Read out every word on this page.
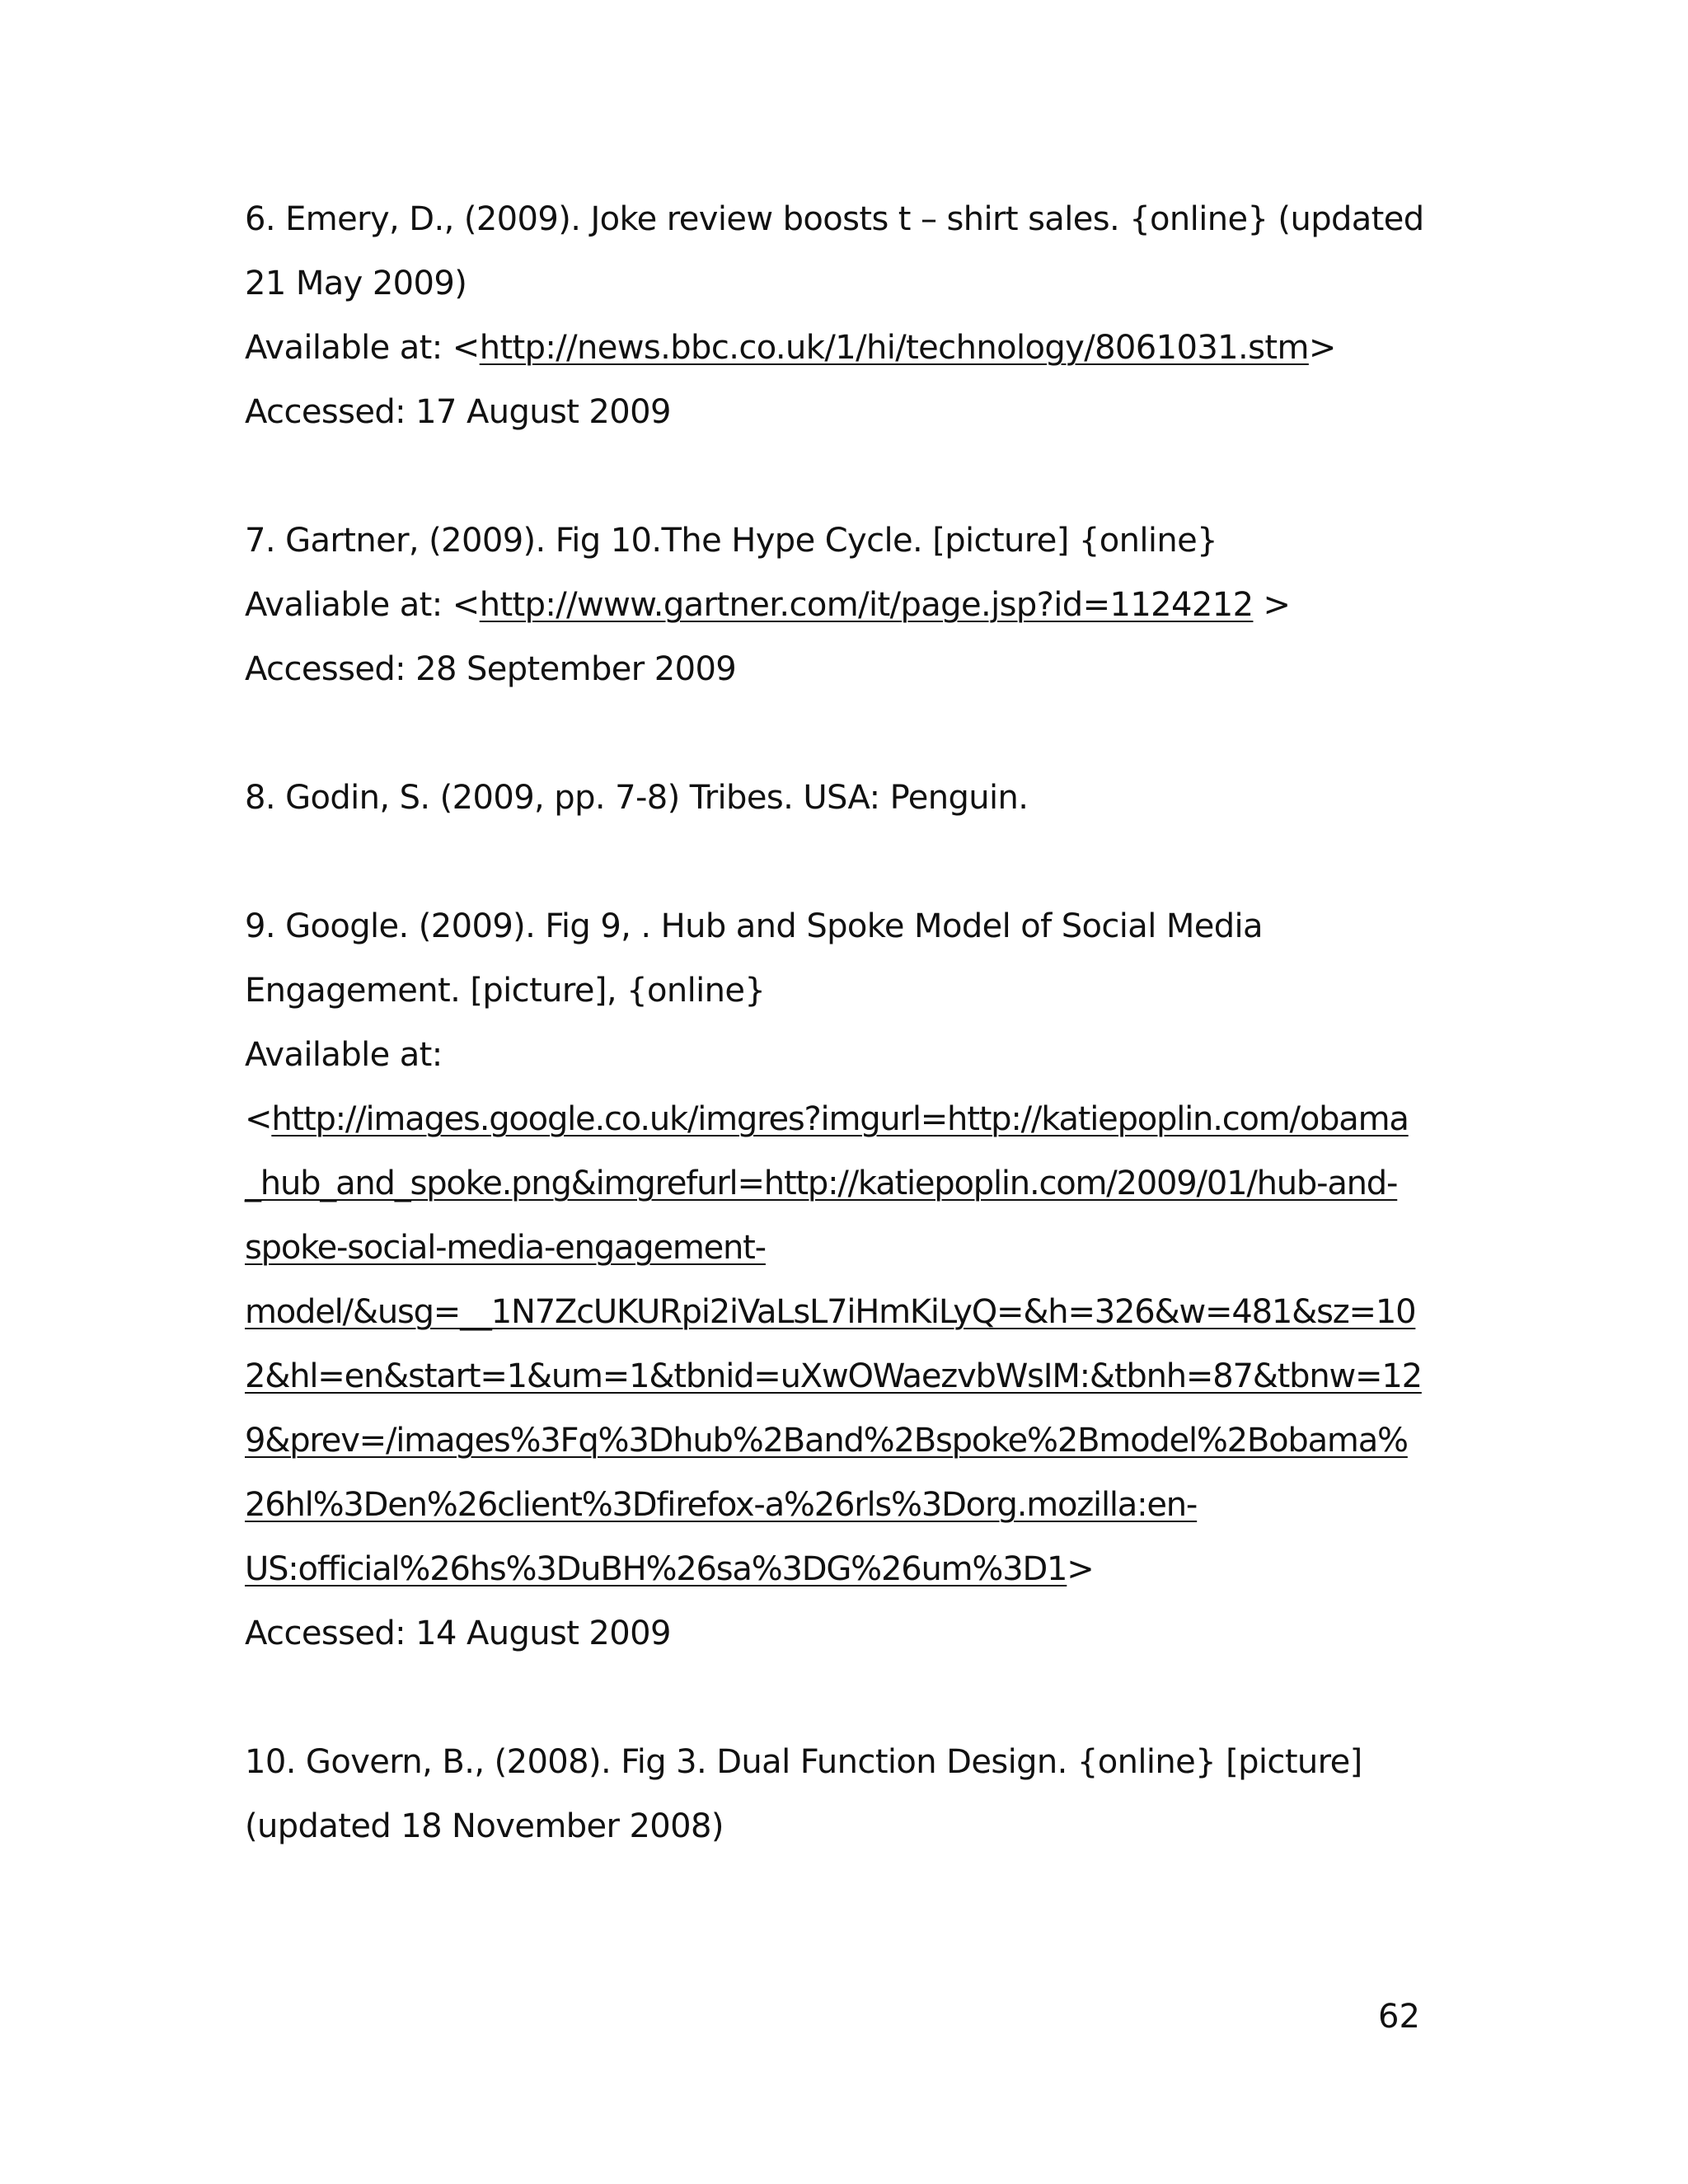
6. Emery, D., (2009). Joke review boosts t – shirt sales. {online} (updated
21 May 2009)
Available at: <http://news.bbc.co.uk/1/hi/technology/8061031.stm>
Accessed: 17 August 2009
7. Gartner, (2009). Fig 10.The Hype Cycle. [picture] {online}
Avaliable at: <http://www.gartner.com/it/page.jsp?id=1124212 >
Accessed: 28 September 2009
8. Godin, S. (2009, pp. 7-8) Tribes. USA: Penguin.
9. Google. (2009). Fig 9, . Hub and Spoke Model of Social Media
Engagement. [picture], {online}
Available at:
<http://images.google.co.uk/imgres?imgurl=http://katiepoplin.com/obama
_hub_and_spoke.png&imgrefurl=http://katiepoplin.com/2009/01/hub-and-
spoke-social-media-engagement-
model/&usg=__1N7ZcUKURpi2iVaLsL7iHmKiLyQ=&h=326&w=481&sz=10
2&hl=en&start=1&um=1&tbnid=uXwOWaezvbWsIM:&tbnh=87&tbnw=12
9&prev=/images%3Fq%3Dhub%2Band%2Bspoke%2Bmodel%2Bobama%
26hl%3Den%26client%3Dfirefox-a%26rls%3Dorg.mozilla:en-
US:official%26hs%3DuBH%26sa%3DG%26um%3D1>
Accessed: 14 August 2009
10. Govern, B., (2008). Fig 3. Dual Function Design. {online} [picture]
(updated 18 November 2008)
62
